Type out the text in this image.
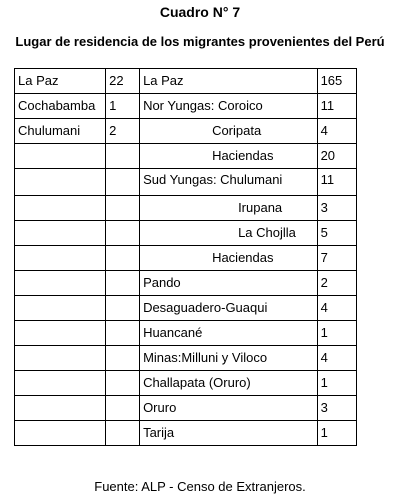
Cuadro N° 7
Lugar de residencia de los migrantes provenientes del Perú
La Paz	22	La Paz	165
Cochabamba	1	Nor Yungas: Coroico	11
Chulumani	2	Coripata	4
		Haciendas	20
		Sud Yungas: Chulumani	11
		Irupana	3
		La Chojlla	5
		Haciendas	7
		Pando	2
		Desaguadero-Guaqui	4
		Huancané	1
		Minas:Milluni y Viloco	4
		Challapata (Oruro)	1
		Oruro	3
		Tarija	1
Fuente: ALP - Censo de Extranjeros.
